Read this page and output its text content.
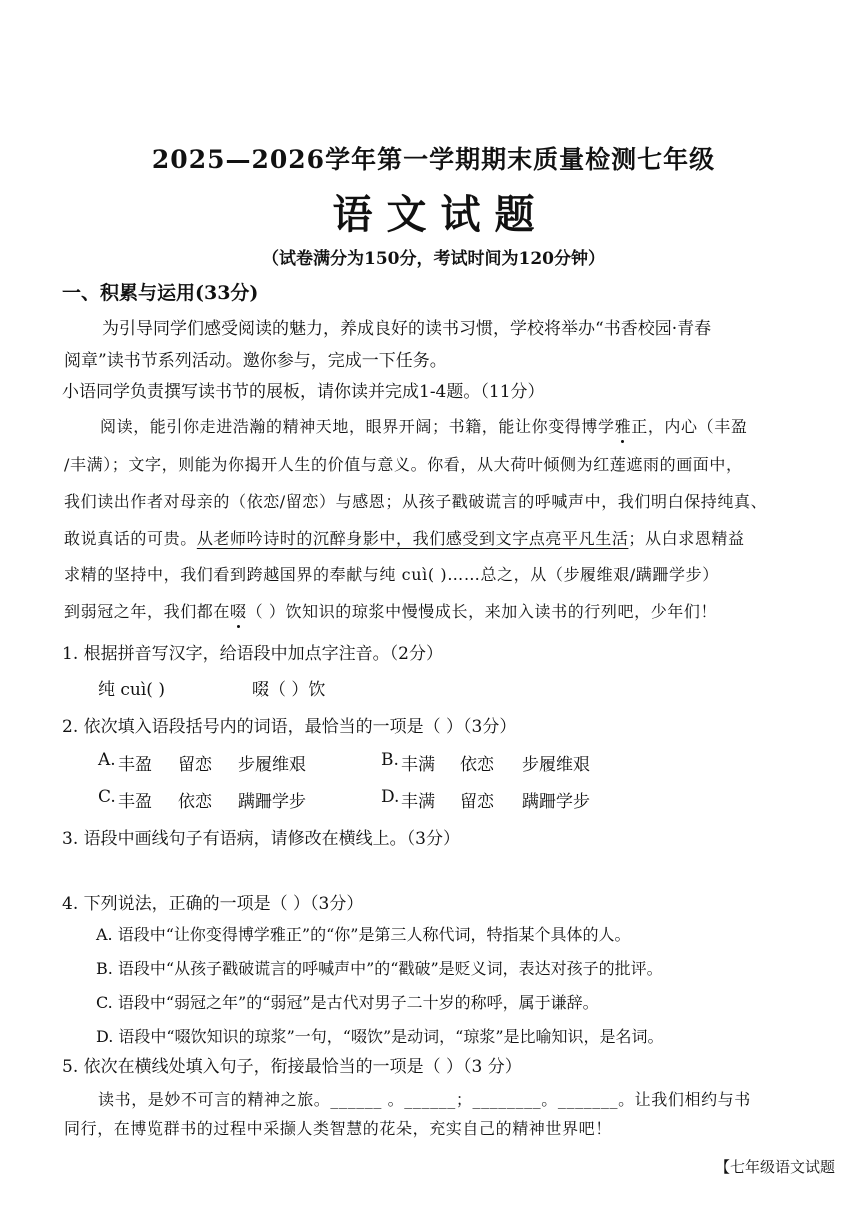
2025—2026学年第一学期期末质量检测七年级
语文试题
（试卷满分为150分，考试时间为120分钟）
一、积累与运用(33分)
为引导同学们感受阅读的魅力，养成良好的读书习惯，学校将举办“书香校园·青春
阅章”读书节系列活动。邀你参与，完成一下任务。
小语同学负责撰写读书节的展板，请你读并完成1-4题。（11分）
阅读，能引你走进浩瀚的精神天地，眼界开阔；书籍，能让你变得博学雅正，内心（丰盈
/丰满）；文字，则能为你揭开人生的价值与意义。你看，从大荷叶倾侧为红莲遮雨的画面中，
我们读出作者对母亲的（依恋/留恋）与感恩；从孩子戳破谎言的呼喊声中，我们明白保持纯真、
敢说真话的可贵。从老师吟诗时的沉醉身影中，我们感受到文字点亮平凡生活；从白求恩精益
求精的坚持中，我们看到跨越国界的奉献与纯 cuì( )……总之，从（步履维艰/蹒跚学步）
到弱冠之年，我们都在啜（ ）饮知识的琼浆中慢慢成长，来加入读书的行列吧，少年们！
1. 根据拼音写汉字，给语段中加点字注音。（2分）
纯 cuì( )	啜（ ）饮
2. 依次填入语段括号内的词语，最恰当的一项是（ ）（3分）
A. 丰盈 留恋 步履维艰	B. 丰满 依恋 步履维艰
C. 丰盈 依恋 蹒跚学步	D. 丰满 留恋 蹒跚学步
3. 语段中画线句子有语病，请修改在横线上。（3分）
4. 下列说法，正确的一项是（ ）（3分）
A. 语段中“让你变得博学雅正”的“你”是第三人称代词，特指某个具体的人。
B. 语段中“从孩子戳破谎言的呼喊声中”的“戳破”是贬义词，表达对孩子的批评。
C. 语段中“弱冠之年”的“弱冠”是古代对男子二十岁的称呼，属于谦辞。
D. 语段中“啜饮知识的琼浆”一句，“啜饮”是动词，“琼浆”是比喻知识，是名词。
5. 依次在横线处填入句子，衔接最恰当的一项是（ ）（3 分）
读书，是妙不可言的精神之旅。______ 。______；________。_______。让我们相约与书
同行，在博览群书的过程中采撷人类智慧的花朵，充实自己的精神世界吧！
【七年级语文试题
